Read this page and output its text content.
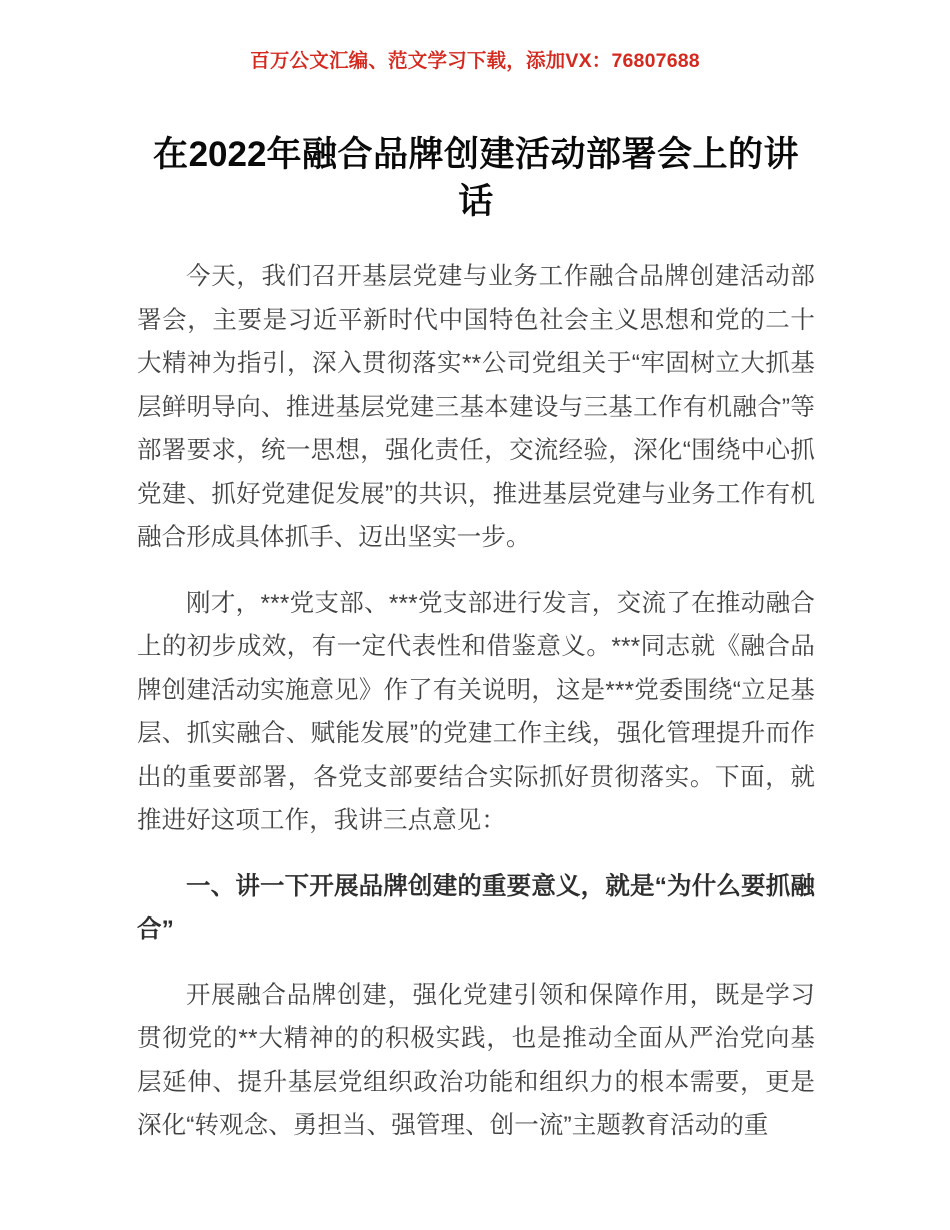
百万公文汇编、范文学习下载，添加VX：76807688
在2022年融合品牌创建活动部署会上的讲话

今天，我们召开基层党建与业务工作融合品牌创建活动部署会，主要是习近平新时代中国特色社会主义思想和党的二十大精神为指引，深入贯彻落实**公司党组关于“牢固树立大抓基层鲜明导向、推进基层党建三基本建设与三基工作有机融合”等部署要求，统一思想，强化责任，交流经验，深化“围绕中心抓党建、抓好党建促发展”的共识，推进基层党建与业务工作有机融合形成具体抓手、迈出坚实一步。

刚才，***党支部、***党支部进行发言，交流了在推动融合上的初步成效，有一定代表性和借鉴意义。***同志就《融合品牌创建活动实施意见》作了有关说明，这是***党委围绕“立足基层、抓实融合、赋能发展”的党建工作主线，强化管理提升而作出的重要部署，各党支部要结合实际抓好贯彻落实。下面，就推进好这项工作，我讲三点意见：

一、讲一下开展品牌创建的重要意义，就是“为什么要抓融合”

开展融合品牌创建，强化党建引领和保障作用，既是学习贯彻党的**大精神的的积极实践，也是推动全面从严治党向基层延伸、提升基层党组织政治功能和组织力的根本需要，更是深化“转观念、勇担当、强管理、创一流”主题教育活动的重
